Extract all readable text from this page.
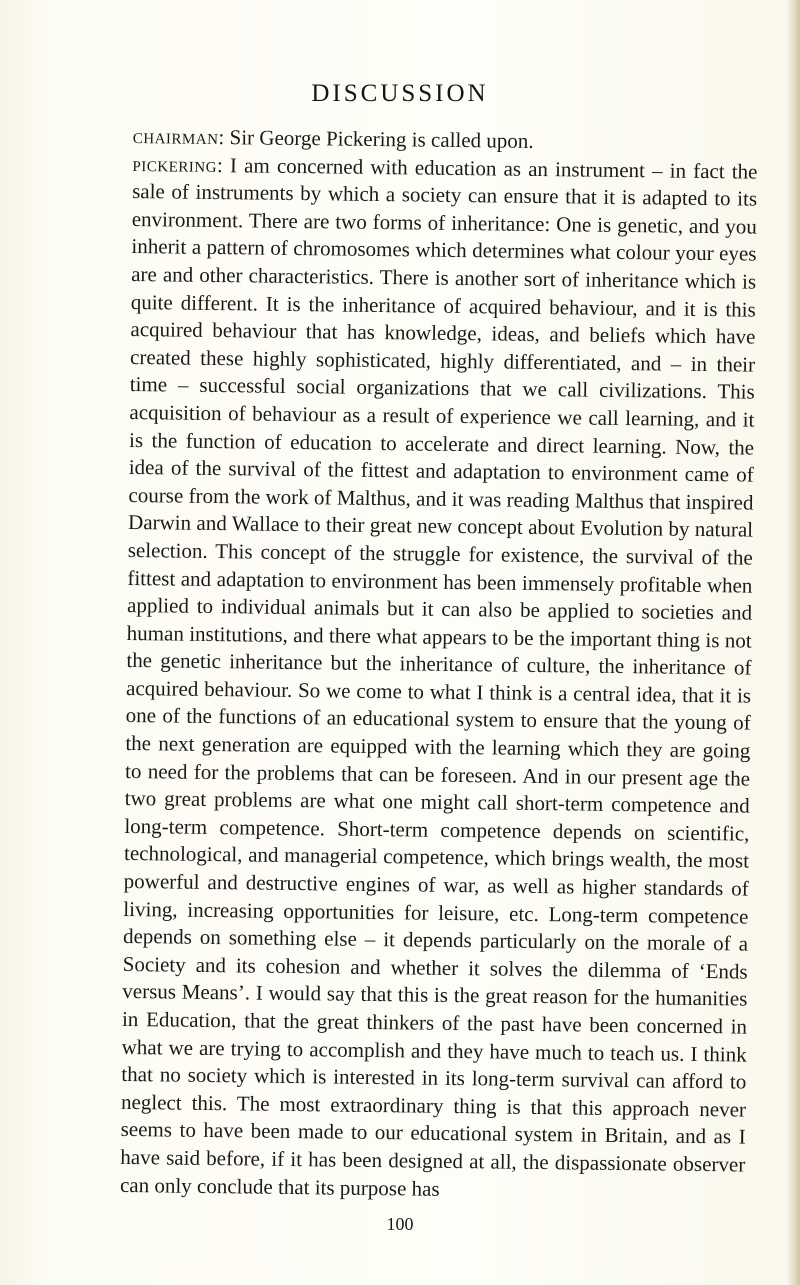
DISCUSSION

chairman: Sir George Pickering is called upon.

pickering: I am concerned with education as an instrument – in fact the sale of instruments by which a society can ensure that it is adapted to its environment. There are two forms of inheritance: One is genetic, and you inherit a pattern of chromosomes which determines what colour your eyes are and other characteristics. There is another sort of inheritance which is quite different. It is the inheritance of acquired behaviour, and it is this acquired behaviour that has knowledge, ideas, and beliefs which have created these highly sophisticated, highly differentiated, and – in their time – successful social organizations that we call civilizations. This acquisition of behaviour as a result of experience we call learning, and it is the function of education to accelerate and direct learning. Now, the idea of the survival of the fittest and adaptation to environment came of course from the work of Malthus, and it was reading Malthus that inspired Darwin and Wallace to their great new concept about Evolution by natural selection. This concept of the struggle for existence, the survival of the fittest and adaptation to environment has been immensely profitable when applied to individual animals but it can also be applied to societies and human institutions, and there what appears to be the important thing is not the genetic inheritance but the inheritance of culture, the inheritance of acquired behaviour. So we come to what I think is a central idea, that it is one of the functions of an educational system to ensure that the young of the next generation are equipped with the learning which they are going to need for the problems that can be foreseen. And in our present age the two great problems are what one might call short-term competence and long-term competence. Short-term competence depends on scientific, technological, and managerial competence, which brings wealth, the most powerful and destructive engines of war, as well as higher standards of living, increasing opportunities for leisure, etc. Long-term competence depends on something else – it depends particularly on the morale of a Society and its cohesion and whether it solves the dilemma of ‘Ends versus Means’. I would say that this is the great reason for the humanities in Education, that the great thinkers of the past have been concerned in what we are trying to accomplish and they have much to teach us. I think that no society which is interested in its long-term survival can afford to neglect this. The most extraordinary thing is that this approach never seems to have been made to our educational system in Britain, and as I have said before, if it has been designed at all, the dispassionate observer can only conclude that its purpose has

100
